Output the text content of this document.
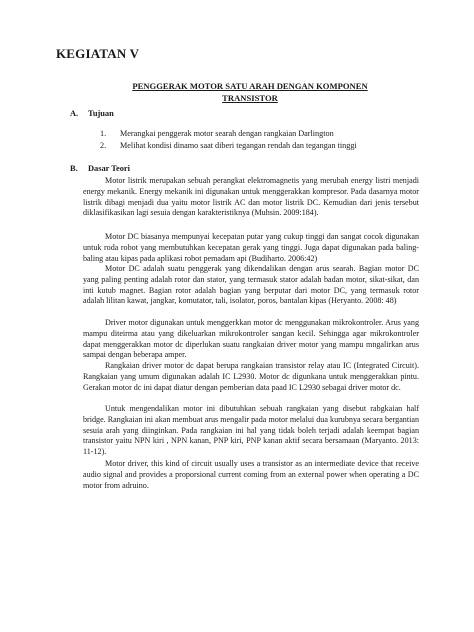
KEGIATAN V
PENGGERAK MOTOR SATU ARAH DENGAN KOMPONEN
TRANSISTOR
A. Tujuan
1. Merangkai penggerak motor searah dengan rangkaian Darlington
2. Melihat kondisi dinamo saat diberi tegangan rendah dan tegangan tinggi
B. Dasar Teori

Motor listrik merupakan sebuah perangkat elektromagnetis yang merubah energy listri menjadi energy mekanik. Energy mekanik ini digunakan untuk menggerakkan kompresor. Pada dasarnya motor listrik dibagi menjadi dua yaitu motor listrik AC dan motor listrik DC. Kemudian dari jenis tersebut diklasifikasikan lagi sesuia dengan karakteristiknya (Muhsin. 2009:184).

Motor DC biasanya mempunyai kecepatan putar yang cukup tinggi dan sangat cocok digunakan untuk roda robot yang membutuhkan kecepatan gerak yang tinggi. Juga dapat digunakan pada baling-baling atau kipas pada aplikasi robot pemadam api (Budiharto. 2006:42)

Motor DC adalah suatu penggerak yang dikendalikan dengan arus searah. Bagian motor DC yang paling penting adalah rotor dan stator, yang termasuk stator adalah badan motor, sikat-sikat, dan inti kutub magnet. Bagian rotor adalah bagian yang berputar dari motor DC, yang termasuk rotor adalah lilitan kawat, jangkar, komutator, tali, isolator, poros, bantalan kipas (Heryanto. 2008: 48)

Driver motor digunakan untuk menggerkkan motor dc menggunakan mikrokontroler. Arus yang mampu diteirma atau yang dikeluarkan mikrokontroler sangan kecil. Sehingga agar mikrokontroler dapat menggerakkan motor dc diperlukan suatu rangkaian driver motor yang mampu mngalirkan arus sampai dengan beberapa amper.

Rangkaian driver motor dc dapat berupa rangkaian transistor relay atau IC (Integrated Circuit). Rangkaian yang umum digunakan adalah IC L2930. Motor dc digunkana untuk menggerakkan pintu. Gerakan motor dc ini dapat diatur dengan pemberian data paad IC L2930 sebagai driver motor dc.

Untuk mengendalikan motor ini dibutuhkan sebuah rangkaian yang disebut rabgkaian half bridge. Rangkaian ini akan membuat arus mengalir pada motor melalui dua kurubnya secara bergantian sesuia arah yang diinginkan. Pada rangkaian ini hal yang tidak boleh terjadi adalah keempat bagian transistor yaitu NPN kiri , NPN kanan, PNP kiri, PNP kanan aktif secara bersamaan (Maryanto. 2013: 11-12).

Motor driver, this kind of circuit usually uses a transistor as an intermediate device that receive audio signal and provides a proporsional current coming from an external power when operating a DC motor from adruino.
